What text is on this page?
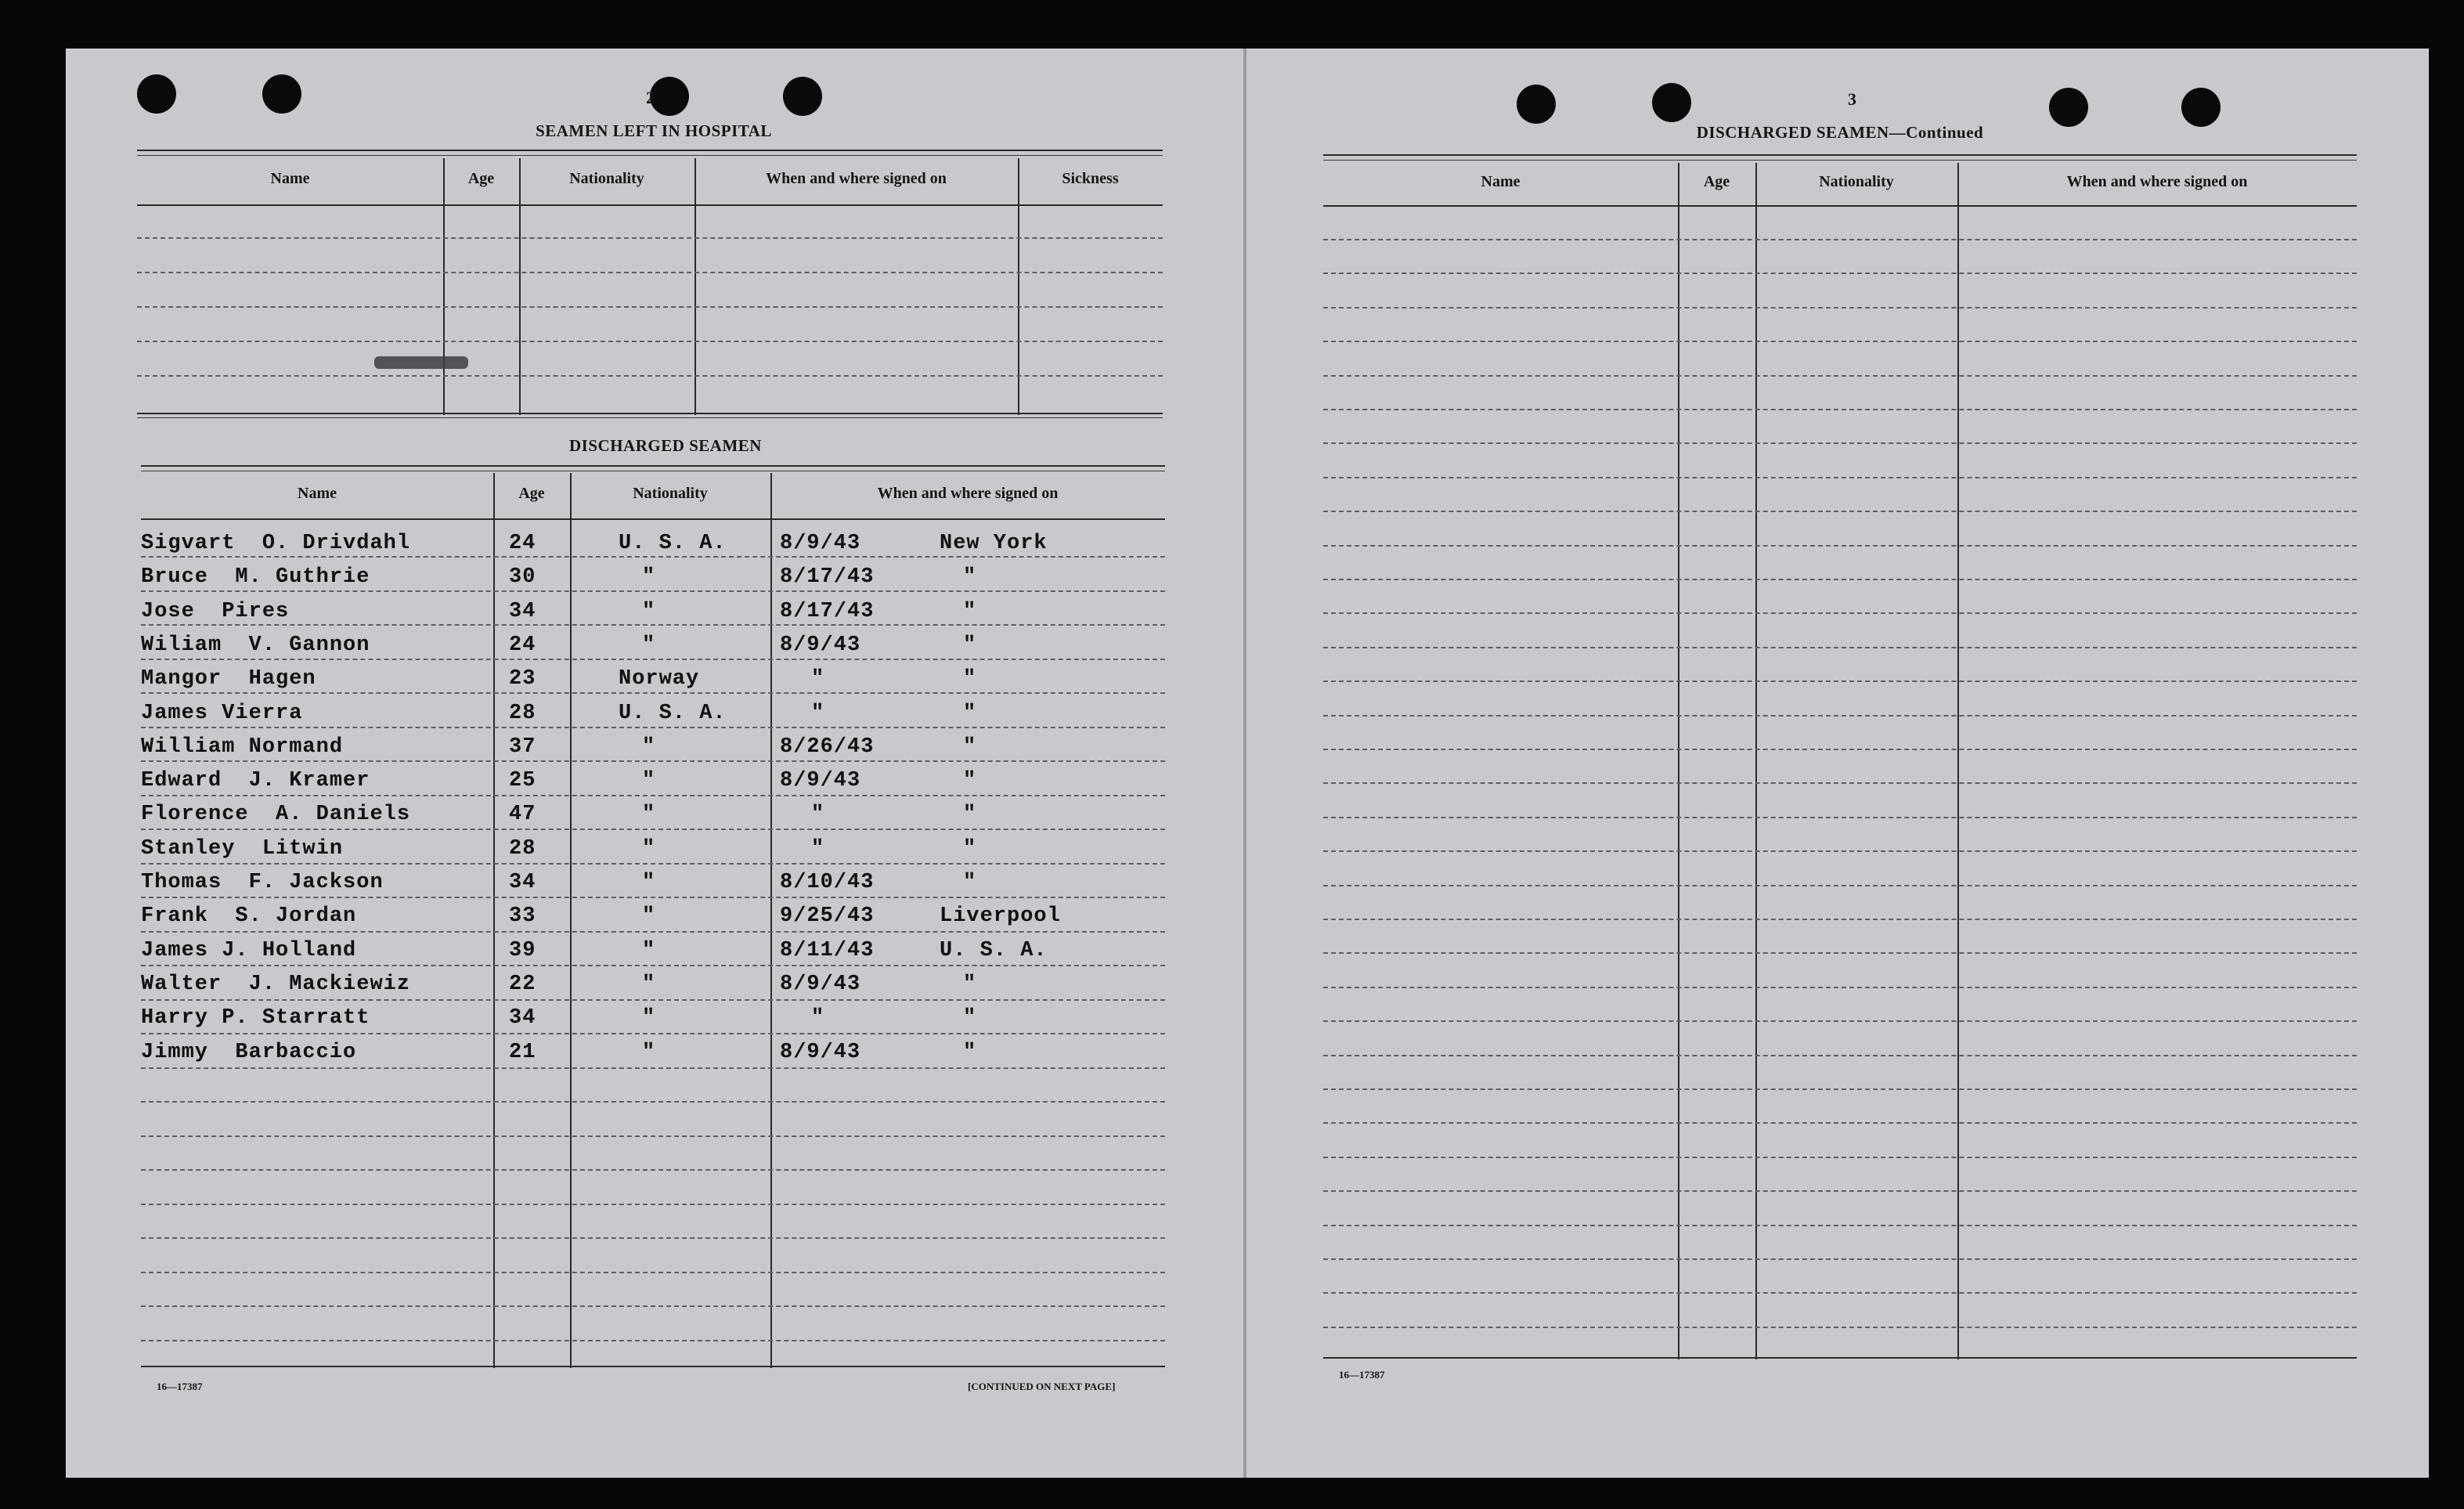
2
SEAMEN LEFT IN HOSPITAL
Name	Age	Nationality	When and where signed on	Sickness
DISCHARGED SEAMEN
Name	Age	Nationality	When and where signed on
Sigvart  O. Drivdahl	24	U. S. A.	8/9/43	New York
Bruce  M. Guthrie	30	"	8/17/43	"
Jose  Pires	34	"	8/17/43	"
Wiliam  V. Gannon	24	"	8/9/43	"
Mangor  Hagen	23	Norway	"	"
James Vierra	28	U. S. A.	"	"
William Normand	37	"	8/26/43	"
Edward  J. Kramer	25	"	8/9/43	"
Florence  A. Daniels	47	"	"	"
Stanley  Litwin	28	"	"	"
Thomas  F. Jackson	34	"	8/10/43	"
Frank  S. Jordan	33	"	9/25/43	Liverpool
James J. Holland	39	"	8/11/43	U. S. A.
Walter  J. Mackiewiz	22	"	8/9/43	"
Harry P. Starratt	34	"	"	"
Jimmy  Barbaccio	21	"	8/9/43	"
16—17387	[CONTINUED ON NEXT PAGE]
3
DISCHARGED SEAMEN—Continued
Name	Age	Nationality	When and where signed on
16—17387
